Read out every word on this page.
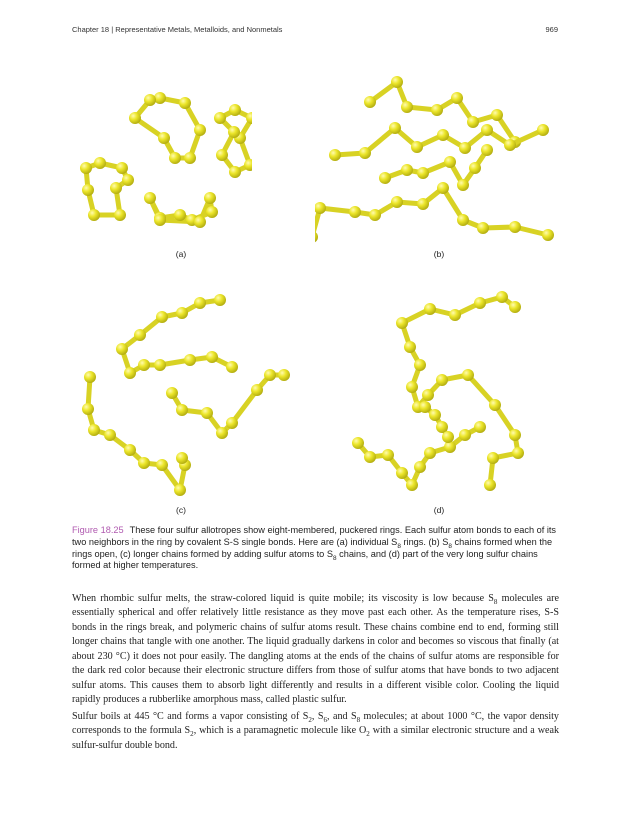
Chapter 18 | Representative Metals, Metalloids, and Nonmetals	969
(a)	(b)
(c)	(d)
Figure 18.25 These four sulfur allotropes show eight-membered, puckered rings. Each sulfur atom bonds to each of its two neighbors in the ring by covalent S-S single bonds. Here are (a) individual $S_8$ rings. (b) $S_8$ chains formed when the rings open, (c) longer chains formed by adding sulfur atoms to $S_8$ chains, and (d) part of the very long sulfur chains formed at higher temperatures.

When rhombic sulfur melts, the straw-colored liquid is quite mobile; its viscosity is low because $S_8$ molecules are essentially spherical and offer relatively little resistance as they move past each other. As the temperature rises, S-S bonds in the rings break, and polymeric chains of sulfur atoms result. These chains combine end to end, forming still longer chains that tangle with one another. The liquid gradually darkens in color and becomes so viscous that finally (at about 230 °C) it does not pour easily. The dangling atoms at the ends of the chains of sulfur atoms are responsible for the dark red color because their electronic structure differs from those of sulfur atoms that have bonds to two adjacent sulfur atoms. This causes them to absorb light differently and results in a different visible color. Cooling the liquid rapidly produces a rubberlike amorphous mass, called plastic sulfur.

Sulfur boils at 445 °C and forms a vapor consisting of $S_2$, $S_6$, and $S_8$ molecules; at about 1000 °C, the vapor density corresponds to the formula $S_2$, which is a paramagnetic molecule like $O_2$ with a similar electronic structure and a weak sulfur-sulfur double bond.
